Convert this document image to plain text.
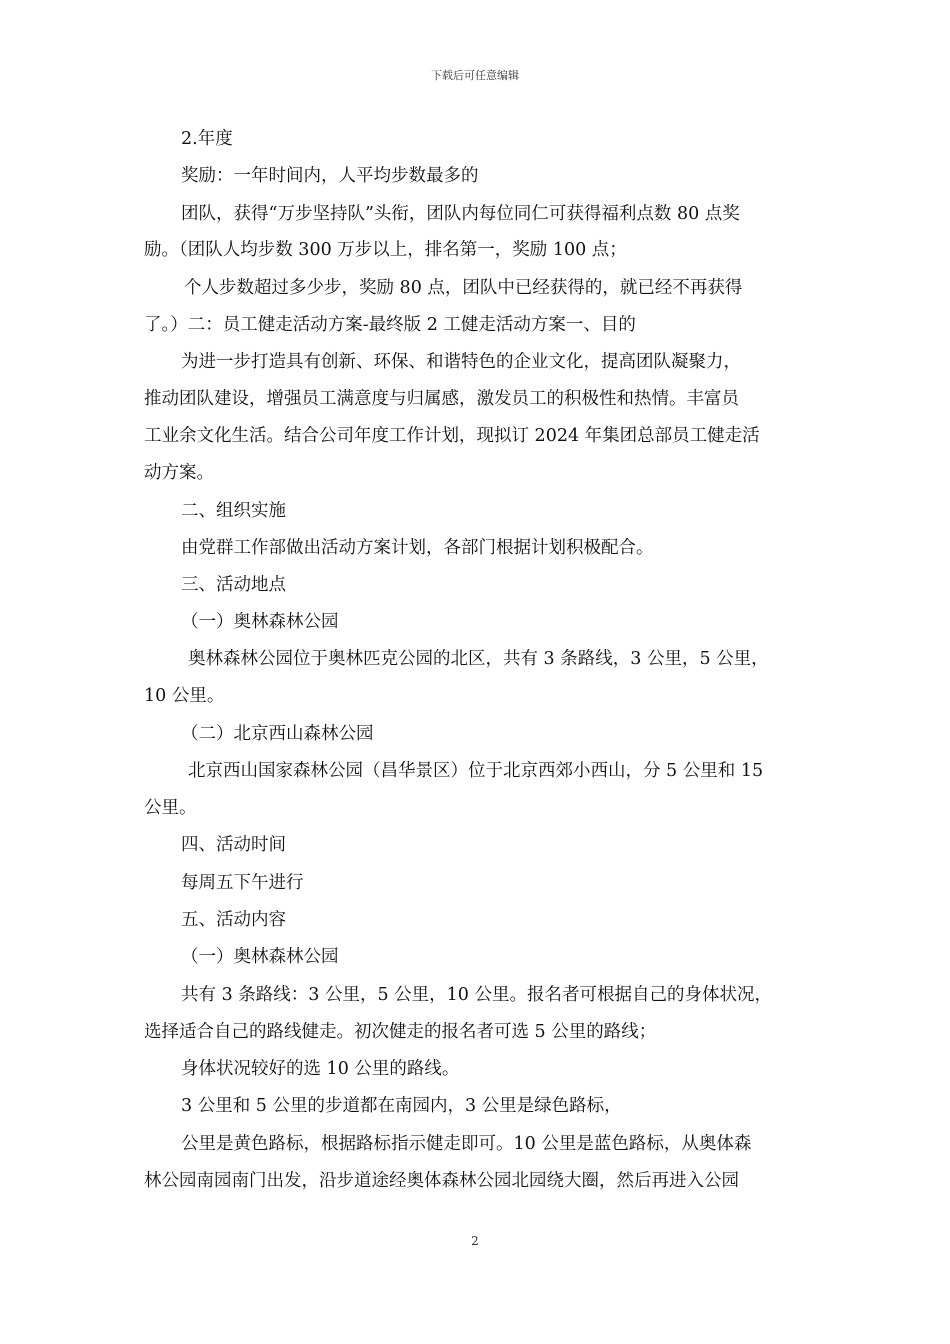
下载后可任意编辑
2.年度
奖励：一年时间内，人平均步数最多的
团队，获得“万步坚持队”头衔，团队内每位同仁可获得福利点数 80 点奖
励。（团队人均步数 300 万步以上，排名第一，奖励 100 点；
个人步数超过多少步，奖励 80 点，团队中已经获得的，就已经不再获得
了。）二：员工健走活动方案-最终版 2 工健走活动方案一、目的
为进一步打造具有创新、环保、和谐特色的企业文化，提高团队凝聚力，
推动团队建设，增强员工满意度与归属感，激发员工的积极性和热情。丰富员
工业余文化生活。结合公司年度工作计划，现拟订 2024 年集团总部员工健走活
动方案。
二、组织实施
由党群工作部做出活动方案计划，各部门根据计划积极配合。
三、活动地点
（一）奥林森林公园
奥林森林公园位于奥林匹克公园的北区，共有 3 条路线，3 公里，5 公里，
10 公里。
（二）北京西山森林公园
北京西山国家森林公园（昌华景区）位于北京西郊小西山，分 5 公里和 15
公里。
四、活动时间
每周五下午进行
五、活动内容
（一）奥林森林公园
共有 3 条路线：3 公里，5 公里，10 公里。报名者可根据自己的身体状况，
选择适合自己的路线健走。初次健走的报名者可选 5 公里的路线；
身体状况较好的选 10 公里的路线。
3 公里和 5 公里的步道都在南园内，3 公里是绿色路标，
公里是黄色路标，根据路标指示健走即可。10 公里是蓝色路标，从奥体森
林公园南园南门出发，沿步道途经奥体森林公园北园绕大圈，然后再进入公园
2
